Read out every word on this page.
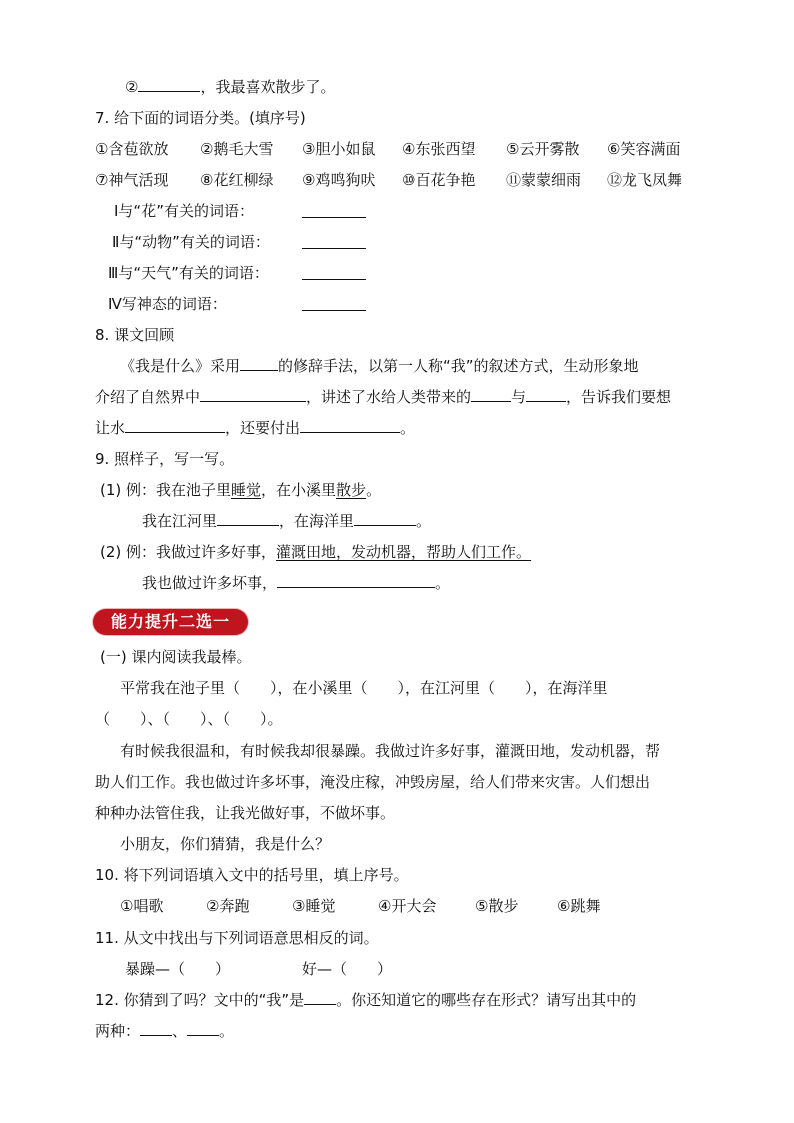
②	，我最喜欢散步了。
7. 给下面的词语分类。(填序号)
①含苞欲放 ②鹅毛大雪 ③胆小如鼠 ④东张西望 ⑤云开雾散 ⑥笑容满面
⑦神气活现 ⑧花红柳绿 ⑨鸡鸣狗吠 ⑩百花争艳 ⑪蒙蒙细雨 ⑫龙飞凤舞
Ⅰ与“花”有关的词语：
Ⅱ与“动物”有关的词语：
Ⅲ与“天气”有关的词语：
Ⅳ写神态的词语：
8. 课文回顾
《我是什么》采用	的修辞手法，以第一人称“我”的叙述方式，生动形象地
介绍了自然界中	，讲述了水给人类带来的	与	，告诉我们要想
让水	，还要付出	。
9. 照样子，写一写。
(1) 例：我在池子里睡觉，在小溪里散步。
我在江河里	，在海洋里	。
(2) 例：我做过许多好事，灌溉田地，发动机器，帮助人们工作。
我也做过许多坏事，	。
能力提升二选一
(一) 课内阅读我最棒。
平常我在池子里（　　），在小溪里（　　），在江河里（　　），在海洋里
（　　）、（　　）、（　　）。
有时候我很温和，有时候我却很暴躁。我做过许多好事，灌溉田地，发动机器，帮
助人们工作。我也做过许多坏事，淹没庄稼，冲毁房屋，给人们带来灾害。人们想出
种种办法管住我，让我光做好事，不做坏事。
小朋友，你们猜猜，我是什么？
10. 将下列词语填入文中的括号里，填上序号。
①唱歌	②奔跑	③睡觉	④开大会	⑤散步	⑥跳舞
11. 从文中找出与下列词语意思相反的词。
暴躁—（　　）	好—（　　）
12. 你猜到了吗？文中的“我”是 。你还知道它的哪些存在形式？请写出其中的
两种： 、 。
